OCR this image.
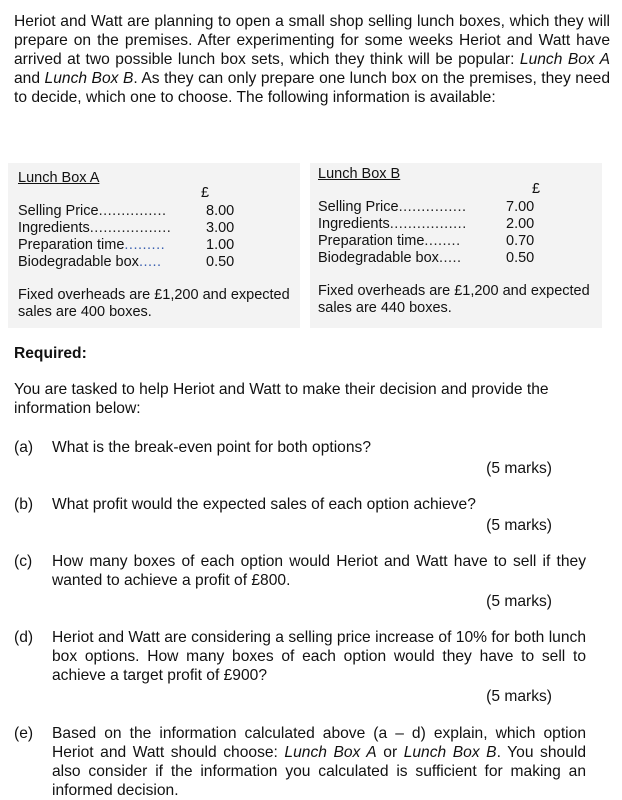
Heriot and Watt are planning to open a small shop selling lunch boxes, which they will prepare on the premises. After experimenting for some weeks Heriot and Watt have arrived at two possible lunch box sets, which they think will be popular: Lunch Box A and Lunch Box B. As they can only prepare one lunch box on the premises, they need to decide, which one to choose. The following information is available:
Lunch Box A
£
Selling Price...............	8.00
Ingredients.................. 3.00
Preparation time.........	1.00
Biodegradable box.....	0.50
Fixed overheads are £1,200 and expected sales are 400 boxes.
Lunch Box B
£
Selling Price...............	7.00
Ingredients.................	2.00
Preparation time........	0.70
Biodegradable box.....	0.50
Fixed overheads are £1,200 and expected sales are 440 boxes.
Required:
You are tasked to help Heriot and Watt to make their decision and provide the information below:
(a) What is the break-even point for both options?
(5 marks)
(b) What profit would the expected sales of each option achieve?
(5 marks)
(c) How many boxes of each option would Heriot and Watt have to sell if they wanted to achieve a profit of £800.
(5 marks)
(d) Heriot and Watt are considering a selling price increase of 10% for both lunch box options. How many boxes of each option would they have to sell to achieve a target profit of £900?
(5 marks)
(e) Based on the information calculated above (a – d) explain, which option Heriot and Watt should choose: Lunch Box A or Lunch Box B. You should also consider if the information you calculated is sufficient for making an informed decision.
